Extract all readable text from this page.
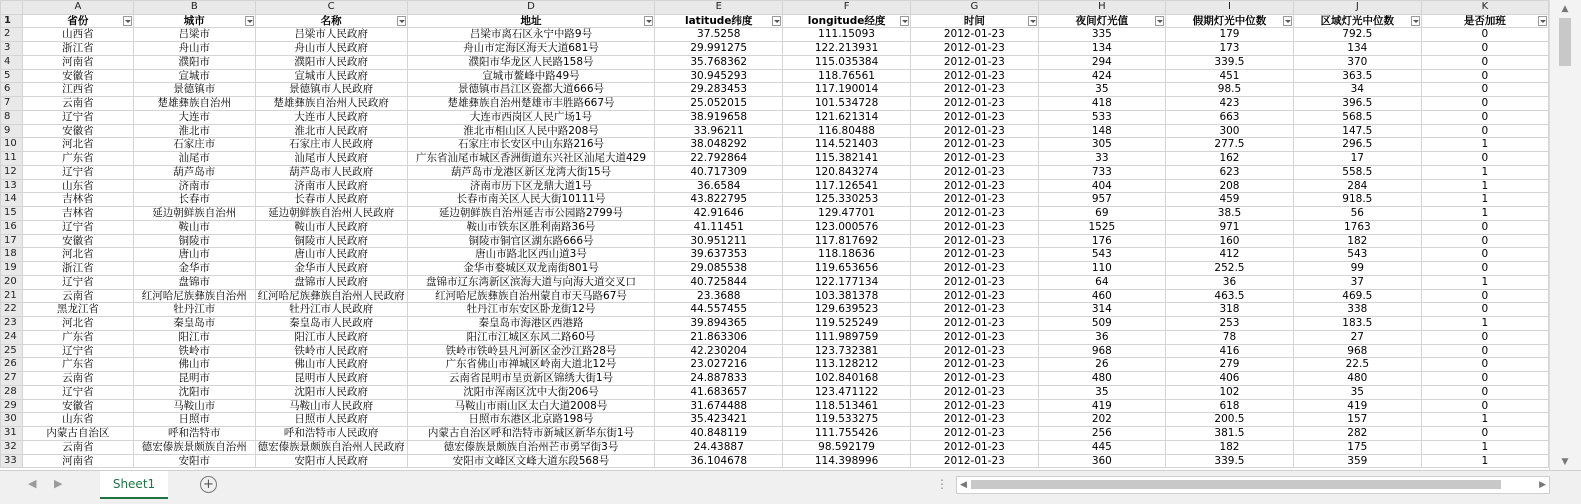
	A	B	C	D	E	F	G	H	I	J	K
1	省份	城市	名称	地址	latitude纬度	longitude经度	时间	夜间灯光值	假期灯光中位数	区域灯光中位数	是否加班

2	山西省	吕梁市	吕梁市人民政府	吕梁市离石区永宁中路9号	37.5258	111.15093	2012-01-23	335	179	792.5	0
3	浙江省	舟山市	舟山市人民政府	舟山市定海区海天大道681号	29.991275	122.213931	2012-01-23	134	173	134	0
4	河南省	濮阳市	濮阳市人民政府	濮阳市华龙区人民路158号	35.768362	115.035384	2012-01-23	294	339.5	370	0
5	安徽省	宣城市	宣城市人民政府	宣城市鳌峰中路49号	30.945293	118.76561	2012-01-23	424	451	363.5	0
6	江西省	景德镇市	景德镇市人民政府	景德镇市昌江区瓷都大道666号	29.283453	117.190014	2012-01-23	35	98.5	34	0
7	云南省	楚雄彝族自治州	楚雄彝族自治州人民政府	楚雄彝族自治州楚雄市丰胜路667号	25.052015	101.534728	2012-01-23	418	423	396.5	0
8	辽宁省	大连市	大连市人民政府	大连市西岗区人民广场1号	38.919658	121.621314	2012-01-23	533	663	568.5	0
9	安徽省	淮北市	淮北市人民政府	淮北市相山区人民中路208号	33.96211	116.80488	2012-01-23	148	300	147.5	0
10	河北省	石家庄市	石家庄市人民政府	石家庄市长安区中山东路216号	38.048292	114.521403	2012-01-23	305	277.5	296.5	1
11	广东省	汕尾市	汕尾市人民政府	广东省汕尾市城区香洲街道东兴社区汕尾大道429	22.792864	115.382141	2012-01-23	33	162	17	0
12	辽宁省	葫芦岛市	葫芦岛市人民政府	葫芦岛市龙港区新区龙湾大街15号	40.717309	120.843274	2012-01-23	733	623	558.5	1
13	山东省	济南市	济南市人民政府	济南市历下区龙鼎大道1号	36.6584	117.126541	2012-01-23	404	208	284	1
14	吉林省	长春市	长春市人民政府	长春市南关区人民大街10111号	43.822795	125.330253	2012-01-23	957	459	918.5	1
15	吉林省	延边朝鲜族自治州	延边朝鲜族自治州人民政府	延边朝鲜族自治州延吉市公园路2799号	42.91646	129.47701	2012-01-23	69	38.5	56	1
16	辽宁省	鞍山市	鞍山市人民政府	鞍山市铁东区胜利南路36号	41.11451	123.000576	2012-01-23	1525	971	1763	0
17	安徽省	铜陵市	铜陵市人民政府	铜陵市铜官区湖东路666号	30.951211	117.817692	2012-01-23	176	160	182	0
18	河北省	唐山市	唐山市人民政府	唐山市路北区西山道3号	39.637353	118.18636	2012-01-23	543	412	543	0
19	浙江省	金华市	金华市人民政府	金华市婺城区双龙南街801号	29.085538	119.653656	2012-01-23	110	252.5	99	0
20	辽宁省	盘锦市	盘锦市人民政府	盘锦市辽东湾新区滨海大道与向海大道交叉口	40.725844	122.177134	2012-01-23	64	36	37	1
21	云南省	红河哈尼族彝族自治州	红河哈尼族彝族自治州人民政府	红河哈尼族彝族自治州蒙自市天马路67号	23.3688	103.381378	2012-01-23	460	463.5	469.5	0
22	黑龙江省	牡丹江市	牡丹江市人民政府	牡丹江市东安区卧龙街12号	44.557455	129.639523	2012-01-23	314	318	338	0
23	河北省	秦皇岛市	秦皇岛市人民政府	秦皇岛市海港区西港路	39.894365	119.525249	2012-01-23	509	253	183.5	1
24	广东省	阳江市	阳江市人民政府	阳江市江城区东风二路60号	21.863306	111.989759	2012-01-23	36	78	27	0
25	辽宁省	铁岭市	铁岭市人民政府	铁岭市铁岭县凡河新区金沙江路28号	42.230204	123.732381	2012-01-23	968	416	968	0
26	广东省	佛山市	佛山市人民政府	广东省佛山市禅城区岭南大道北12号	23.027216	113.128212	2012-01-23	26	279	22.5	0
27	云南省	昆明市	昆明市人民政府	云南省昆明市呈贡新区锦绣大街1号	24.887833	102.840168	2012-01-23	480	406	480	0
28	辽宁省	沈阳市	沈阳市人民政府	沈阳市浑南区沈中大街206号	41.683657	123.471122	2012-01-23	35	102	35	0
29	安徽省	马鞍山市	马鞍山市人民政府	马鞍山市雨山区太白大道2008号	31.674488	118.513461	2012-01-23	419	618	419	0
30	山东省	日照市	日照市人民政府	日照市东港区北京路198号	35.423421	119.533275	2012-01-23	202	200.5	157	1
31	内蒙古自治区	呼和浩特市	呼和浩特市人民政府	内蒙古自治区呼和浩特市新城区新华东街1号	40.848119	111.755426	2012-01-23	256	381.5	282	0
32	云南省	德宏傣族景颇族自治州	德宏傣族景颇族自治州人民政府	德宏傣族景颇族自治州芒市勇罕街3号	24.43887	98.592179	2012-01-23	445	182	175	1
33	河南省	安阳市	安阳市人民政府	安阳市文峰区文峰大道东段568号	36.104678	114.398996	2012-01-23	360	339.5	359	1
▲
▼
◀ ▶	Sheet1	+	⋮ ◀	▶
